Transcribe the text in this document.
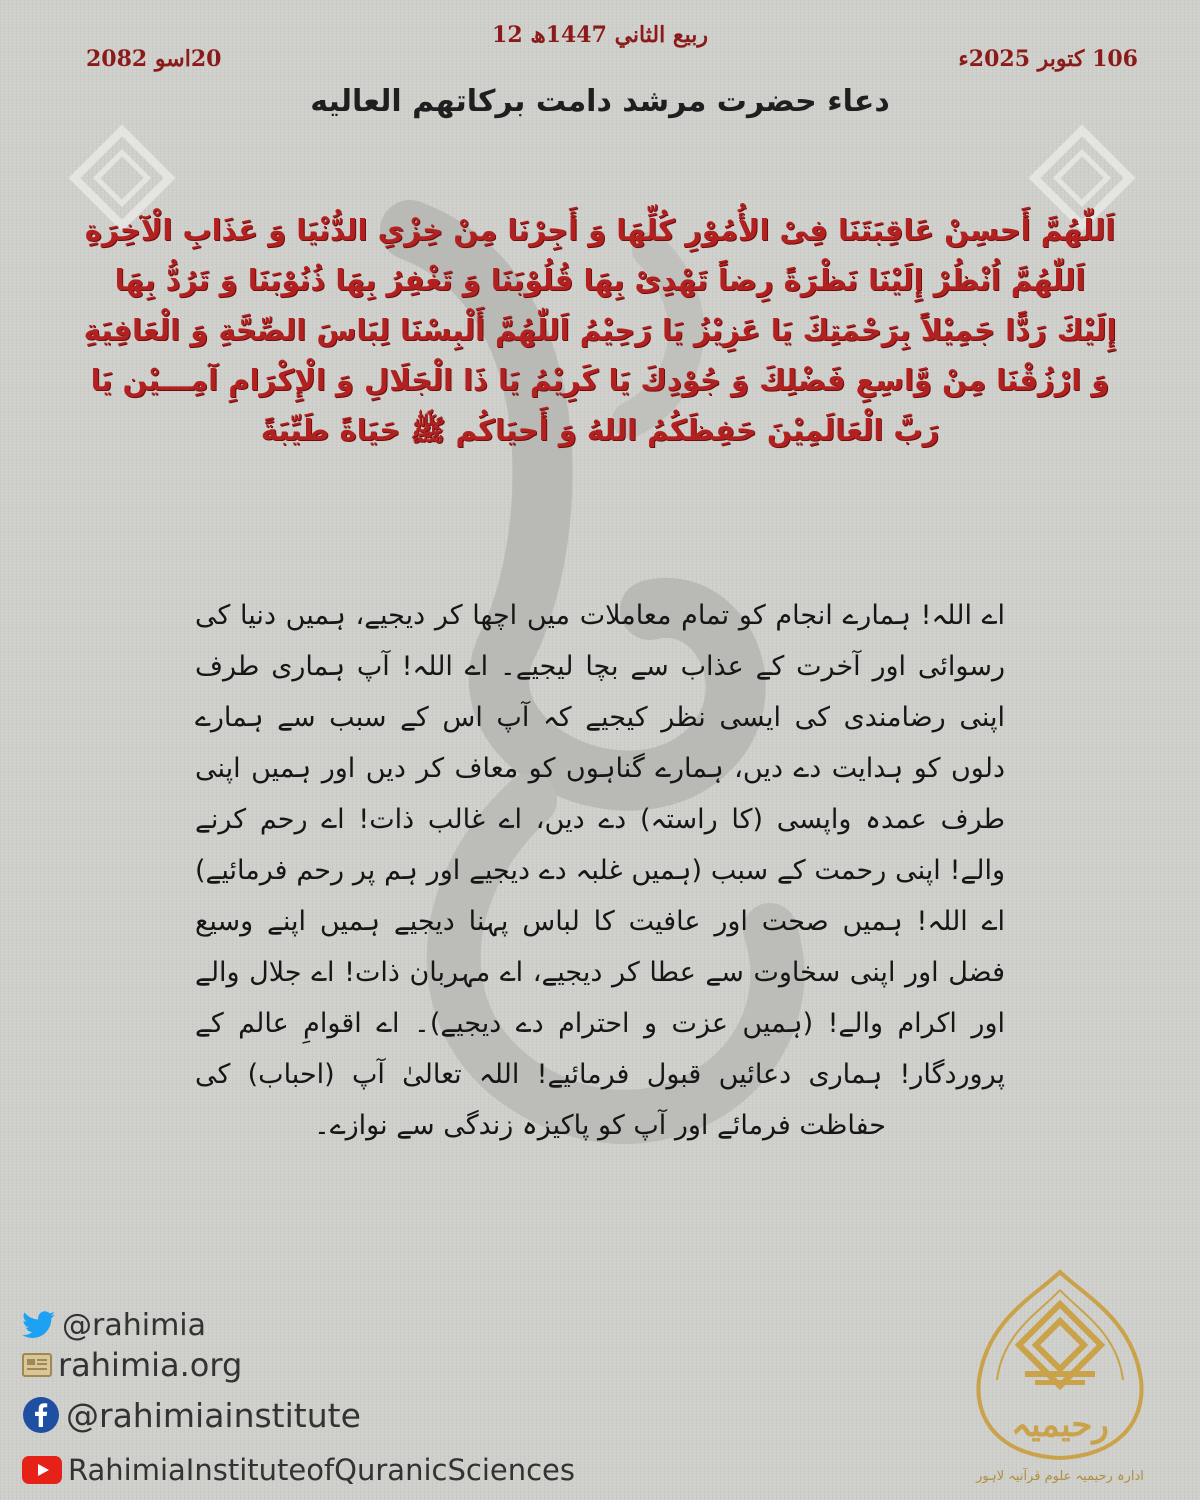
12 ربيع الثاني 1447ھ
106 کتوبر 2025ء
20اسو 2082
دعاء حضرت مرشد دامت برکاتهم العالیه
اَللّٰهُمَّ أَحسِنْ عَاقِبَتَنَا فِیْ الأُمُوْرِ كُلِّهَا وَ أَجِرْنَا مِنْ خِزْیِ الدُّنْیَا وَ عَذَابِ الْآخِرَةِ اَللّٰهُمَّ اُنْظُرْ إِلَیْنَا نَظْرَةً رِضاً تَهْدِیْ بِهَا قُلُوْبَنَا وَ تَغْفِرُ بِهَا ذُنُوْبَنَا وَ تَرُدُّ بِهَا إِلَیْكَ رَدًّا جَمِیْلاً بِرَحْمَتِكَ یَا عَزِیْزُ یَا رَحِیْمُ اَللّٰهُمَّ أَلْبِسْنَا لِبَاسَ الصِّحَّةِ وَ الْعَافِیَةِ وَ ارْزُقْنَا مِنْ وَّاسِعِ فَضْلِكَ وَ جُوْدِكَ یَا كَرِیْمُ یَا ذَا الْجَلَالِ وَ الْإِكْرَامِ آمِـــیْن یَا رَبَّ الْعَالَمِیْنَ حَفِظَكُمُ اللهُ وَ أَحیَاكُم ﷺ حَیَاةً طَیِّبَةً
اے اللہ! ہمارے انجام کو تمام معاملات میں اچھا کر دیجیے، ہمیں دنیا کی رسوائی اور آخرت کے عذاب سے بچا لیجیے۔ اے اللہ! آپ ہماری طرف اپنی رضامندی کی ایسی نظر کیجیے کہ آپ اس کے سبب سے ہمارے دلوں کو ہدایت دے دیں، ہمارے گناہوں کو معاف کر دیں اور ہمیں اپنی طرف عمدہ واپسی (کا راستہ) دے دیں، اے غالب ذات! اے رحم کرنے والے! اپنی رحمت کے سبب (ہمیں غلبہ دے دیجیے اور ہم پر رحم فرمائیے) اے اللہ! ہمیں صحت اور عافیت کا لباس پہنا دیجیے ہمیں اپنے وسیع فضل اور اپنی سخاوت سے عطا کر دیجیے، اے مہربان ذات! اے جلال والے اور اکرام والے! (ہمیں عزت و احترام دے دیجیے)۔ اے اقوامِ عالم کے پروردگار! ہماری دعائیں قبول فرمائیے! اللہ تعالیٰ آپ (احباب) کی حفاظت فرمائے اور آپ کو پاکیزہ زندگی سے نوازے۔
@rahimia
rahimia.org
@rahimiainstitute
RahimiaInstituteofQuranicSciences
رحیمیہ
ادارہ رحیمیہ علوم قرآنیہ لاہور
